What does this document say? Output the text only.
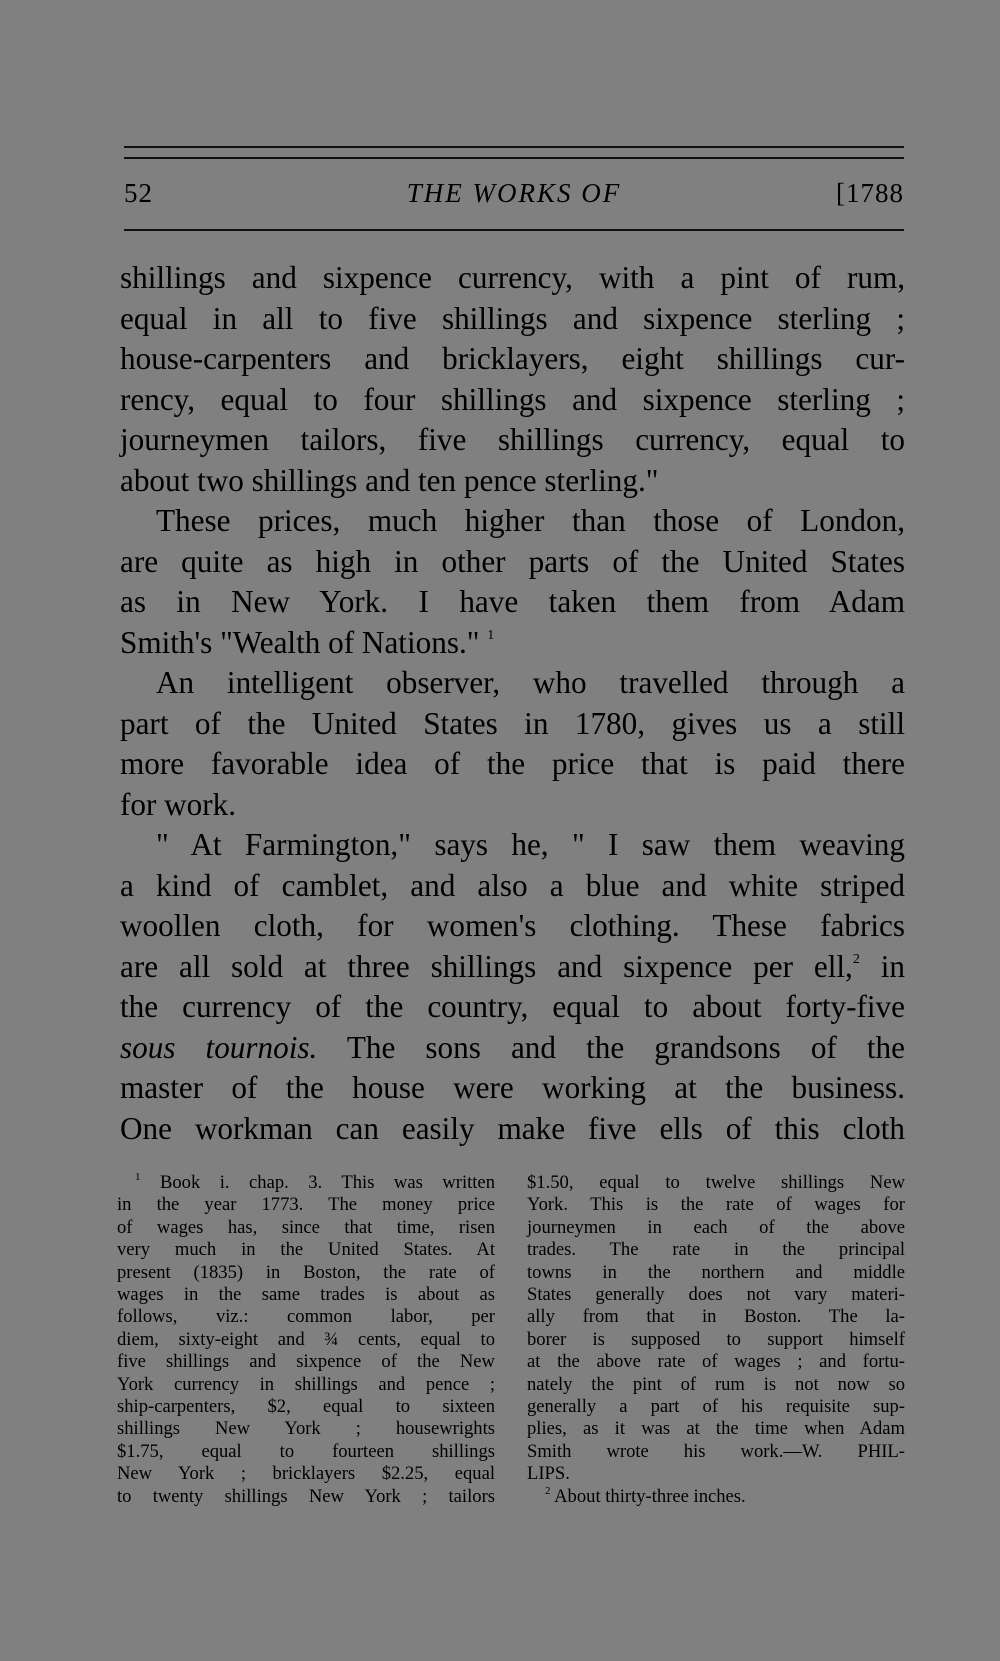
52	THE WORKS OF	[1788
shillings and sixpence currency, with a pint of rum,
equal in all to five shillings and sixpence sterling ;
house-carpenters and bricklayers, eight shillings cur-
rency, equal to four shillings and sixpence sterling ;
journeymen tailors, five shillings currency, equal to
about two shillings and ten pence sterling."
These prices, much higher than those of London,
are quite as high in other parts of the United States
as in New York. I have taken them from Adam
Smith's "Wealth of Nations." $^1$
An intelligent observer, who travelled through a
part of the United States in 1780, gives us a still
more favorable idea of the price that is paid there
for work.
" At Farmington," says he, " I saw them weaving
a kind of camblet, and also a blue and white striped
woollen cloth, for women's clothing. These fabrics
are all sold at three shillings and sixpence per ell,$^2$ in
the currency of the country, equal to about forty-five
sous tournois. The sons and the grandsons of the
master of the house were working at the business.
One workman can easily make five ells of this cloth
$^1$ Book i. chap. 3. This was written
in the year 1773. The money price
of wages has, since that time, risen
very much in the United States. At
present (1835) in Boston, the rate of
wages in the same trades is about as
follows, viz.: common labor, per
diem, sixty-eight and ¾ cents, equal to
five shillings and sixpence of the New
York currency in shillings and pence ;
ship-carpenters, $2, equal to sixteen
shillings New York ; housewrights
$1.75, equal to fourteen shillings
New York ; bricklayers $2.25, equal
to twenty shillings New York ; tailors
$1.50, equal to twelve shillings New
York. This is the rate of wages for
journeymen in each of the above
trades. The rate in the principal
towns in the northern and middle
States generally does not vary materi-
ally from that in Boston. The la-
borer is supposed to support himself
at the above rate of wages ; and fortu-
nately the pint of rum is not now so
generally a part of his requisite sup-
plies, as it was at the time when Adam
Smith wrote his work.—W. PHIL-
LIPS.
$^2$ About thirty-three inches.
